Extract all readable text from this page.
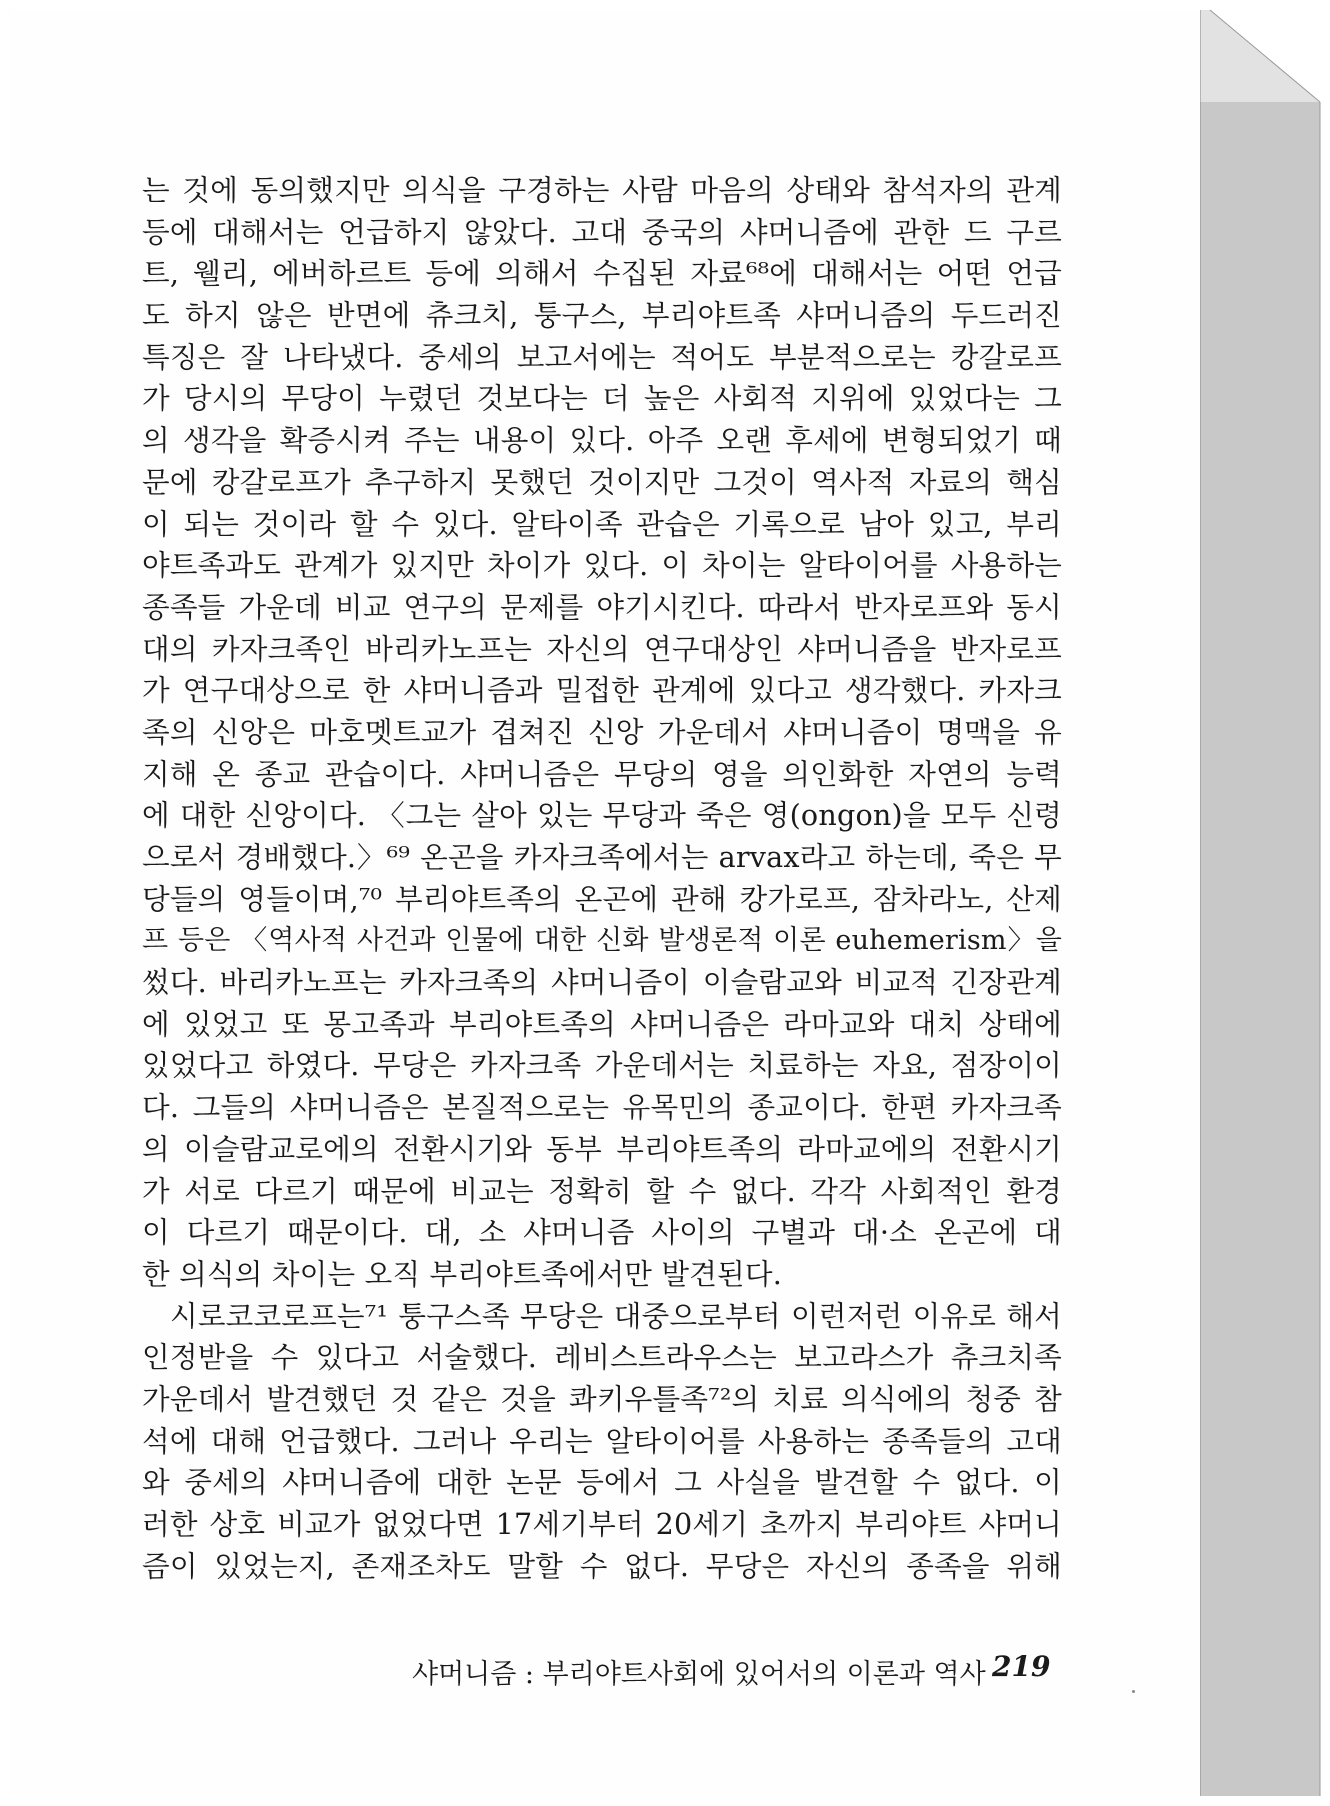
는 것에 동의했지만 의식을 구경하는 사람 마음의 상태와 참석자의 관계
등에 대해서는 언급하지 않았다. 고대 중국의 샤머니즘에 관한 드 구르
트, 웰리, 에버하르트 등에 의해서 수집된 자료⁶⁸에 대해서는 어떤 언급
도 하지 않은 반면에 츄크치, 퉁구스, 부리야트족 샤머니즘의 두드러진
특징은 잘 나타냈다. 중세의 보고서에는 적어도 부분적으로는 캉갈로프
가 당시의 무당이 누렸던 것보다는 더 높은 사회적 지위에 있었다는 그
의 생각을 확증시켜 주는 내용이 있다. 아주 오랜 후세에 변형되었기 때
문에 캉갈로프가 추구하지 못했던 것이지만 그것이 역사적 자료의 핵심
이 되는 것이라 할 수 있다. 알타이족 관습은 기록으로 남아 있고, 부리
야트족과도 관계가 있지만 차이가 있다. 이 차이는 알타이어를 사용하는
종족들 가운데 비교 연구의 문제를 야기시킨다. 따라서 반자로프와 동시
대의 카자크족인 바리카노프는 자신의 연구대상인 샤머니즘을 반자로프
가 연구대상으로 한 샤머니즘과 밀접한 관계에 있다고 생각했다. 카자크
족의 신앙은 마호멧트교가 겹쳐진 신앙 가운데서 샤머니즘이 명맥을 유
지해 온 종교 관습이다. 샤머니즘은 무당의 영을 의인화한 자연의 능력
에 대한 신앙이다. 〈그는 살아 있는 무당과 죽은 영(ongon)을 모두 신령
으로서 경배했다.〉⁶⁹ 온곤을 카자크족에서는 arvax라고 하는데, 죽은 무
당들의 영들이며,⁷⁰ 부리야트족의 온곤에 관해 캉가로프, 잠차라노, 산제
프 등은 〈역사적 사건과 인물에 대한 신화 발생론적 이론 euhemerism〉을
썼다. 바리카노프는 카자크족의 샤머니즘이 이슬람교와 비교적 긴장관계
에 있었고 또 몽고족과 부리야트족의 샤머니즘은 라마교와 대치 상태에
있었다고 하였다. 무당은 카자크족 가운데서는 치료하는 자요, 점장이이
다. 그들의 샤머니즘은 본질적으로는 유목민의 종교이다. 한편 카자크족
의 이슬람교로에의 전환시기와 동부 부리야트족의 라마교에의 전환시기
가 서로 다르기 때문에 비교는 정확히 할 수 없다. 각각 사회적인 환경
이 다르기 때문이다. 대, 소 샤머니즘 사이의 구별과 대·소 온곤에 대
한 의식의 차이는 오직 부리야트족에서만 발견된다.
시로코코로프는⁷¹ 퉁구스족 무당은 대중으로부터 이런저런 이유로 해서
인정받을 수 있다고 서술했다. 레비스트라우스는 보고라스가 츄크치족
가운데서 발견했던 것 같은 것을 콰키우틀족⁷²의 치료 의식에의 청중 참
석에 대해 언급했다. 그러나 우리는 알타이어를 사용하는 종족들의 고대
와 중세의 샤머니즘에 대한 논문 등에서 그 사실을 발견할 수 없다. 이
러한 상호 비교가 없었다면 17세기부터 20세기 초까지 부리야트 샤머니
즘이 있었는지, 존재조차도 말할 수 없다. 무당은 자신의 종족을 위해
샤머니즘 : 부리야트사회에 있어서의 이론과 역사 219
